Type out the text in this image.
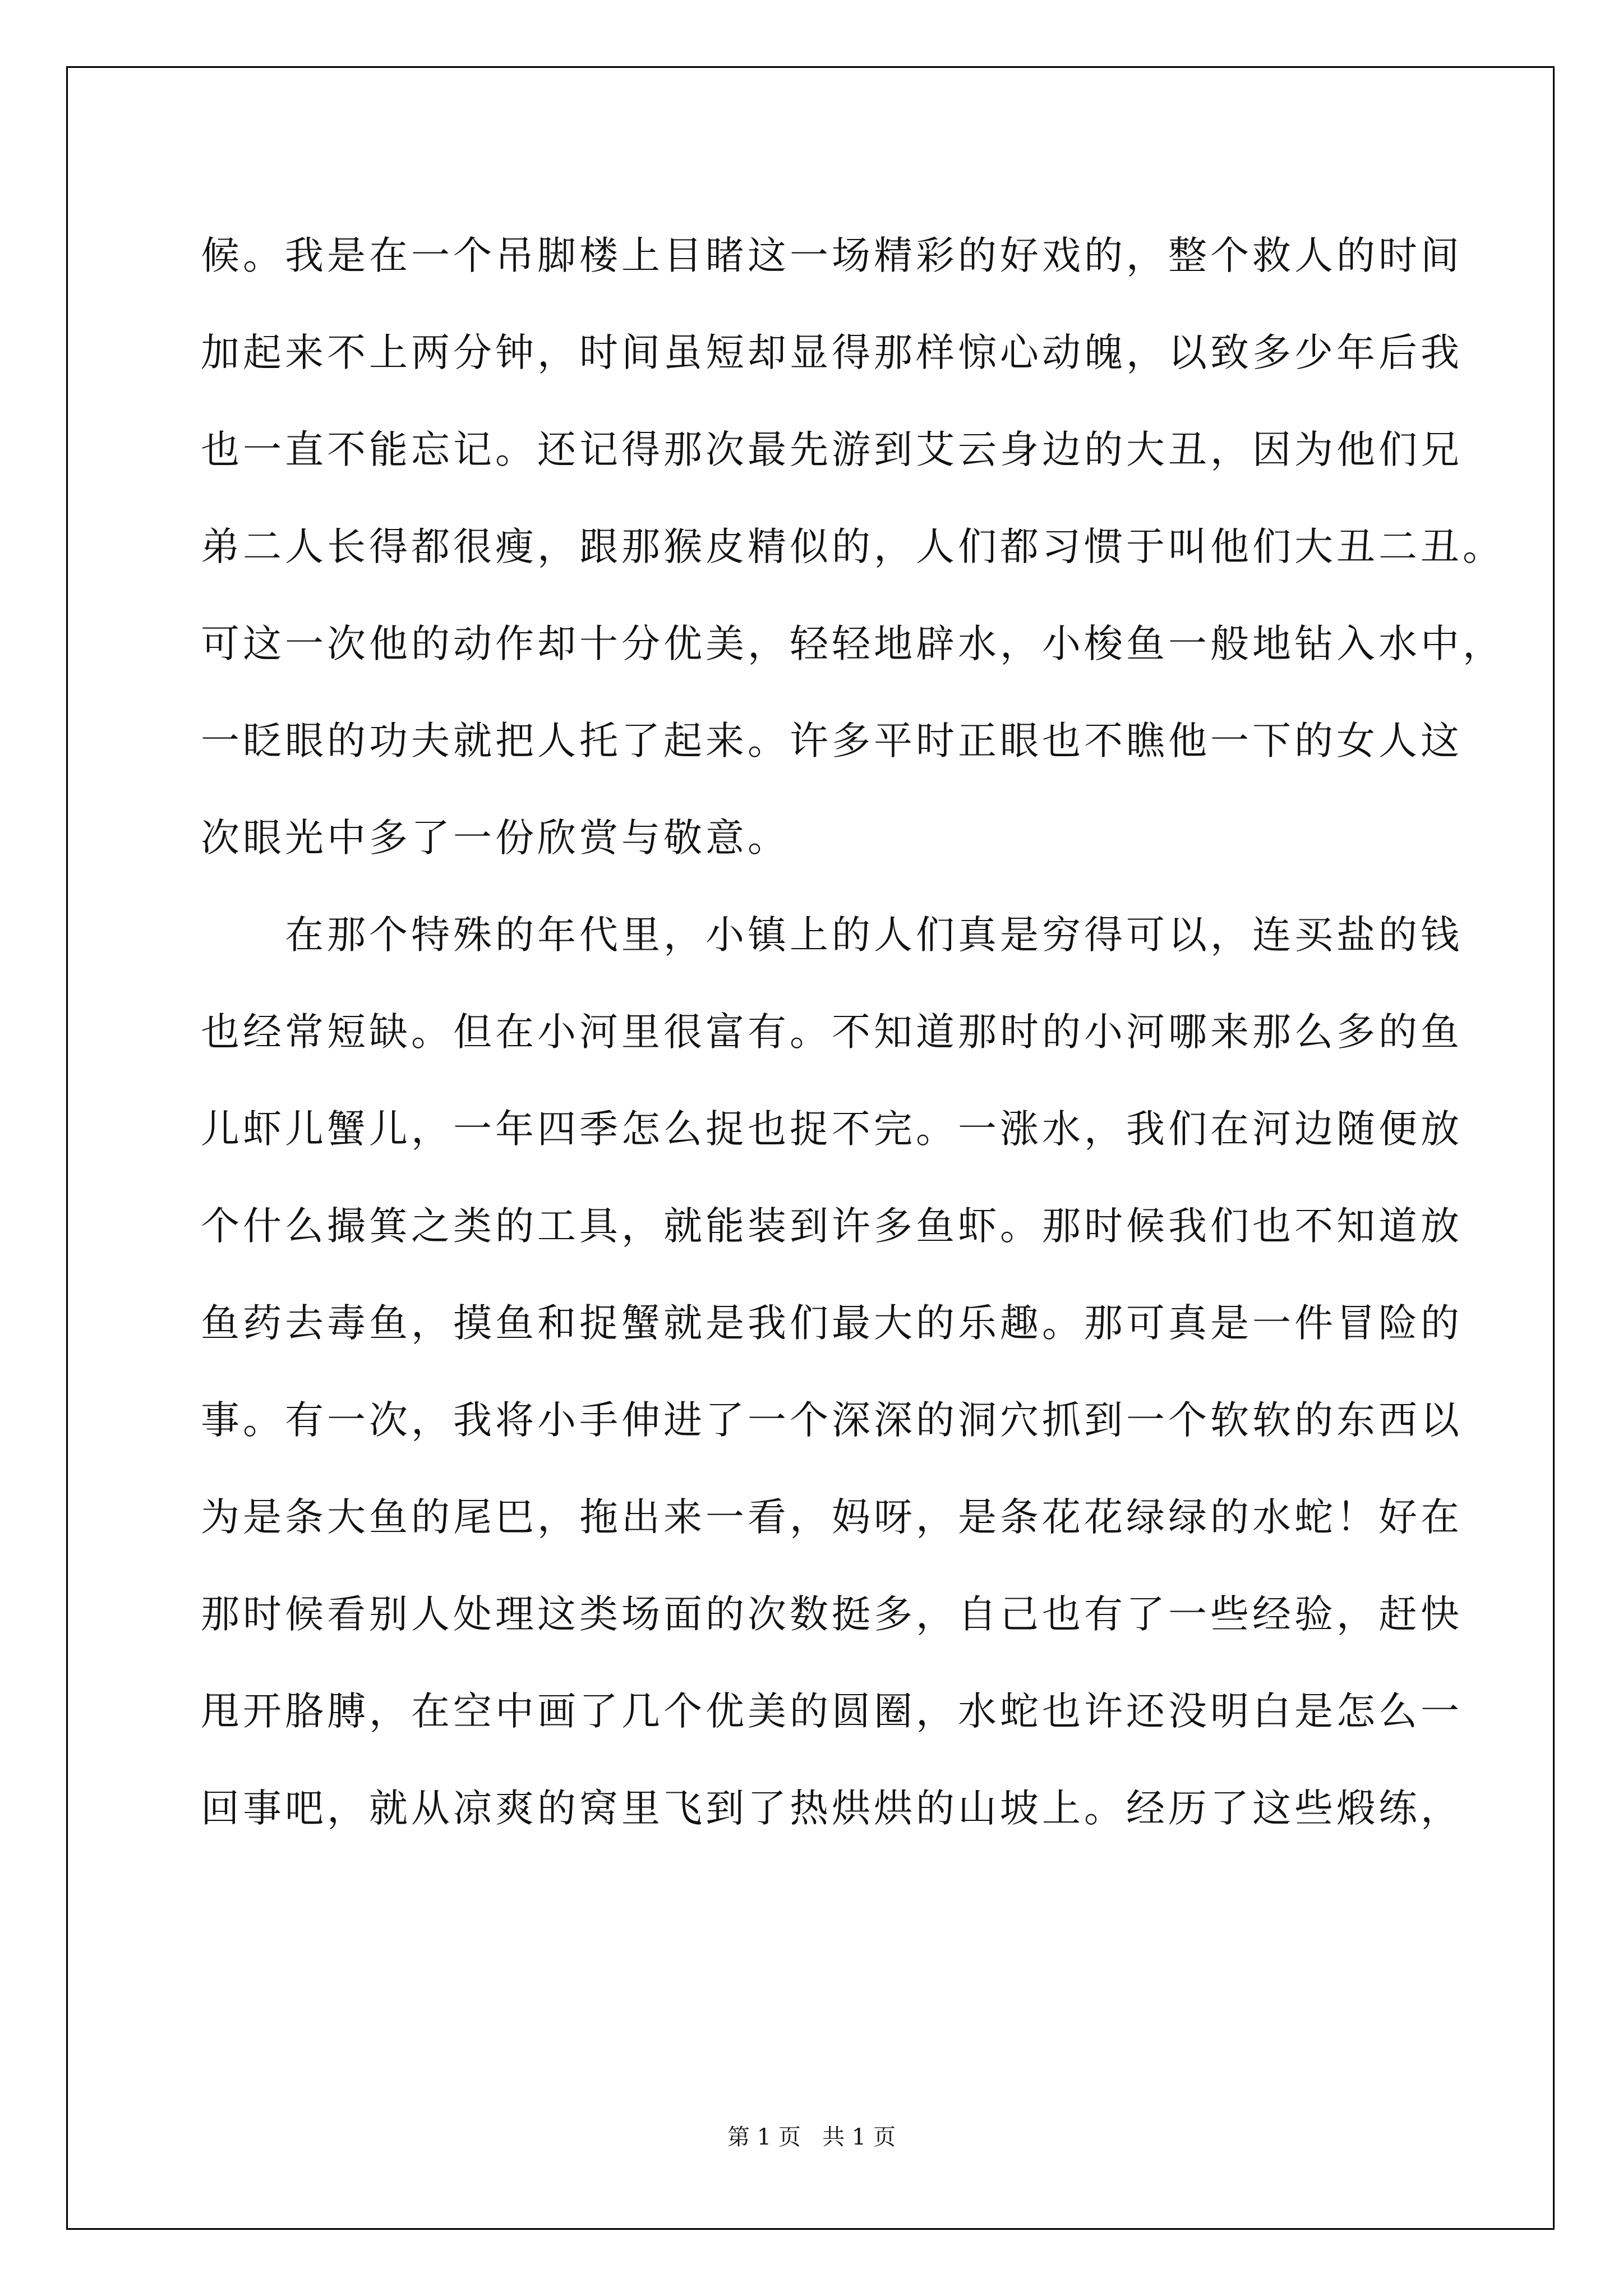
候。我是在一个吊脚楼上目睹这一场精彩的好戏的，整个救人的时间
加起来不上两分钟，时间虽短却显得那样惊心动魄，以致多少年后我
也一直不能忘记。还记得那次最先游到艾云身边的大丑，因为他们兄
弟二人长得都很瘦，跟那猴皮精似的，人们都习惯于叫他们大丑二丑。
可这一次他的动作却十分优美，轻轻地辟水，小梭鱼一般地钻入水中，
一眨眼的功夫就把人托了起来。许多平时正眼也不瞧他一下的女人这
次眼光中多了一份欣赏与敬意。
在那个特殊的年代里，小镇上的人们真是穷得可以，连买盐的钱
也经常短缺。但在小河里很富有。不知道那时的小河哪来那么多的鱼
儿虾儿蟹儿，一年四季怎么捉也捉不完。一涨水，我们在河边随便放
个什么撮箕之类的工具，就能装到许多鱼虾。那时候我们也不知道放
鱼药去毒鱼，摸鱼和捉蟹就是我们最大的乐趣。那可真是一件冒险的
事。有一次，我将小手伸进了一个深深的洞穴抓到一个软软的东西以
为是条大鱼的尾巴，拖出来一看，妈呀，是条花花绿绿的水蛇！好在
那时候看别人处理这类场面的次数挺多，自己也有了一些经验，赶快
甩开胳膊，在空中画了几个优美的圆圈，水蛇也许还没明白是怎么一
回事吧，就从凉爽的窝里飞到了热烘烘的山坡上。经历了这些煅练，
第 1 页   共 1 页
